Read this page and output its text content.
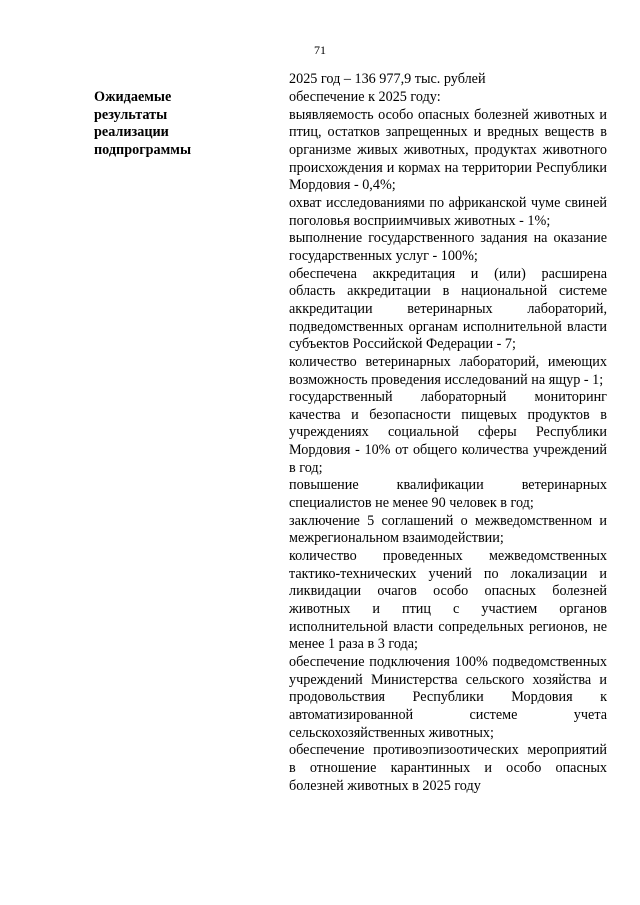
71
2025 год – 136 977,9 тыс. рублей
Ожидаемые
результаты
реализации
подпрограммы

обеспечение к 2025 году:

выявляемость особо опасных болезней животных и птиц, остатков запрещенных и вредных веществ в организме живых животных, продуктах животного происхождения и кормах на территории Республики Мордовия - 0,4%;

охват исследованиями по африканской чуме свиней поголовья восприимчивых животных - 1%;

выполнение государственного задания на оказание государственных услуг - 100%;

обеспечена аккредитация и (или) расширена область аккредитации в национальной системе аккредитации ветеринарных лабораторий, подведомственных органам исполнительной власти субъектов Российской Федерации - 7;

количество ветеринарных лабораторий, имеющих возможность проведения исследований на ящур - 1;

государственный лабораторный мониторинг качества и безопасности пищевых продуктов в учреждениях социальной сферы Республики Мордовия - 10% от общего количества учреждений в год;

повышение квалификации ветеринарных специалистов не менее 90 человек в год;

заключение 5 соглашений о межведомственном и межрегиональном взаимодействии;

количество проведенных межведомственных тактико-технических учений по локализации и ликвидации очагов особо опасных болезней животных и птиц с участием органов исполнительной власти сопредельных регионов, не менее 1 раза в 3 года;

обеспечение подключения 100% подведомственных учреждений Министерства сельского хозяйства и продовольствия Республики Мордовия к автоматизированной системе учета сельскохозяйственных животных;

обеспечение противоэпизоотических мероприятий в отношение карантинных и особо опасных болезней животных в 2025 году
